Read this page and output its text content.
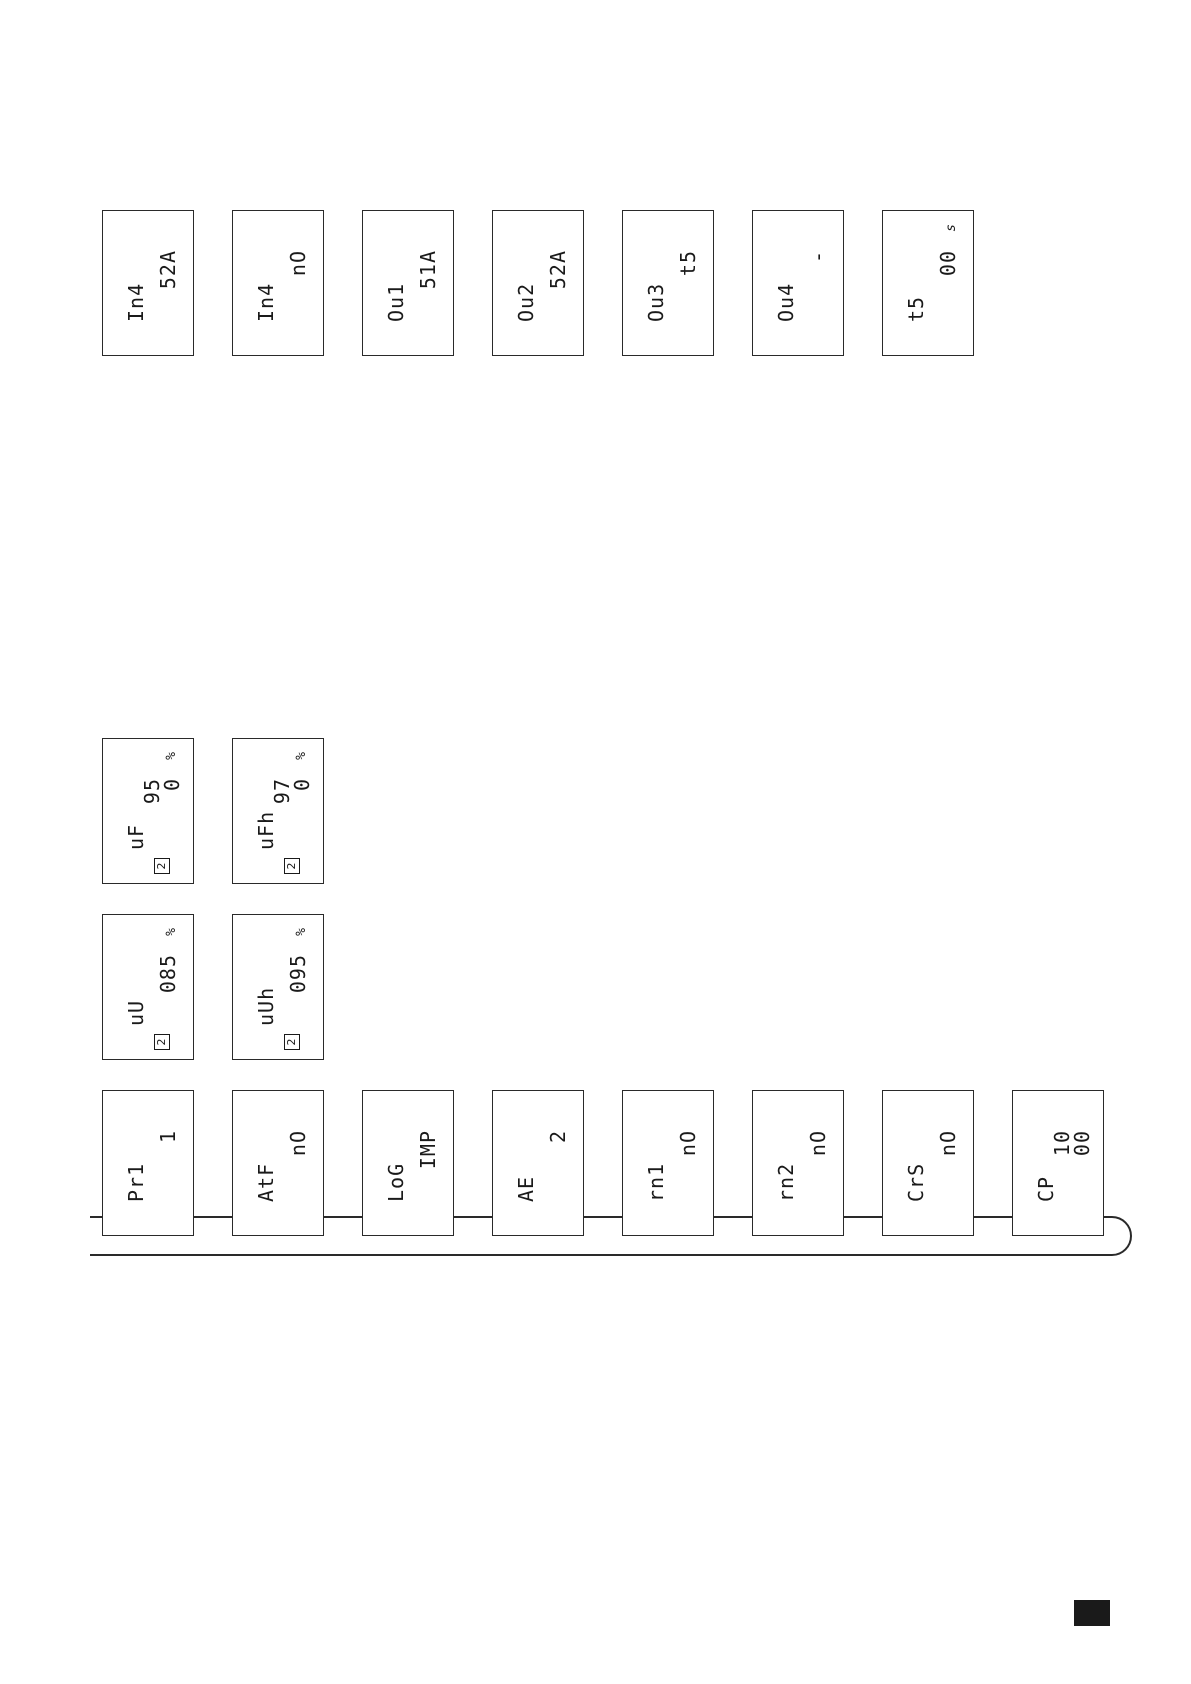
In4
52A
In4
nO
Ou1
51A
Ou2
52A
Ou3
t5
Ou4
-
t5
00
s
2
uF
95
0
%
2
uFh
97
0
%
2
uU
085
%
2
uUh
095
%
Pr1
1
AtF
nO
LoG
IMP
AE
2
rn1
nO
rn2
nO
CrS
nO
CP
10
00
